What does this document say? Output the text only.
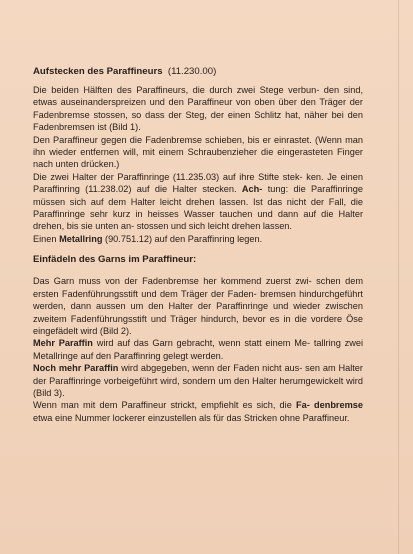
Aufstecken des Paraffineurs (11.230.00)

Die beiden Hälften des Paraffineurs, die durch zwei Stege verbun- den sind, etwas auseinanderspreizen und den Paraffineur von oben über den Träger der Fadenbremse stossen, so dass der Steg, der einen Schlitz hat, näher bei den Fadenbremsen ist (Bild 1).
Den Paraffineur gegen die Fadenbremse schieben, bis er einrastet. (Wenn man ihn wieder entfernen will, mit einem Schraubenzieher die eingerasteten Finger nach unten drücken.)
Die zwei Halter der Paraffinringe (11.235.03) auf ihre Stifte stek- ken. Je einen Paraffinring (11.238.02) auf die Halter stecken. Ach- tung: die Paraffinringe müssen sich auf dem Halter leicht drehen lassen. Ist das nicht der Fall, die Paraffinringe sehr kurz in heisses Wasser tauchen und dann auf die Halter drehen, bis sie unten an- stossen und sich leicht drehen lassen.
Einen Metallring (90.751.12) auf den Paraffinring legen.

Einfädeln des Garns im Paraffineur:

Das Garn muss von der Fadenbremse her kommend zuerst zwi- schen dem ersten Fadenführungsstift und dem Träger der Faden- bremsen hindurchgeführt werden, dann aussen um den Halter der Paraffinringe und wieder zwischen zweitem Fadenführungsstift und Träger hindurch, bevor es in die vordere Öse eingefädelt wird (Bild 2).
Mehr Paraffin wird auf das Garn gebracht, wenn statt einem Me- tallring zwei Metallringe auf den Paraffinring gelegt werden.
Noch mehr Paraffin wird abgegeben, wenn der Faden nicht aus- sen am Halter der Paraffinringe vorbeigeführt wird, sondern um den Halter herumgewickelt wird (Bild 3).
Wenn man mit dem Paraffineur strickt, empfiehlt es sich, die Fa- denbremse etwa eine Nummer lockerer einzustellen als für das Stricken ohne Paraffineur.
